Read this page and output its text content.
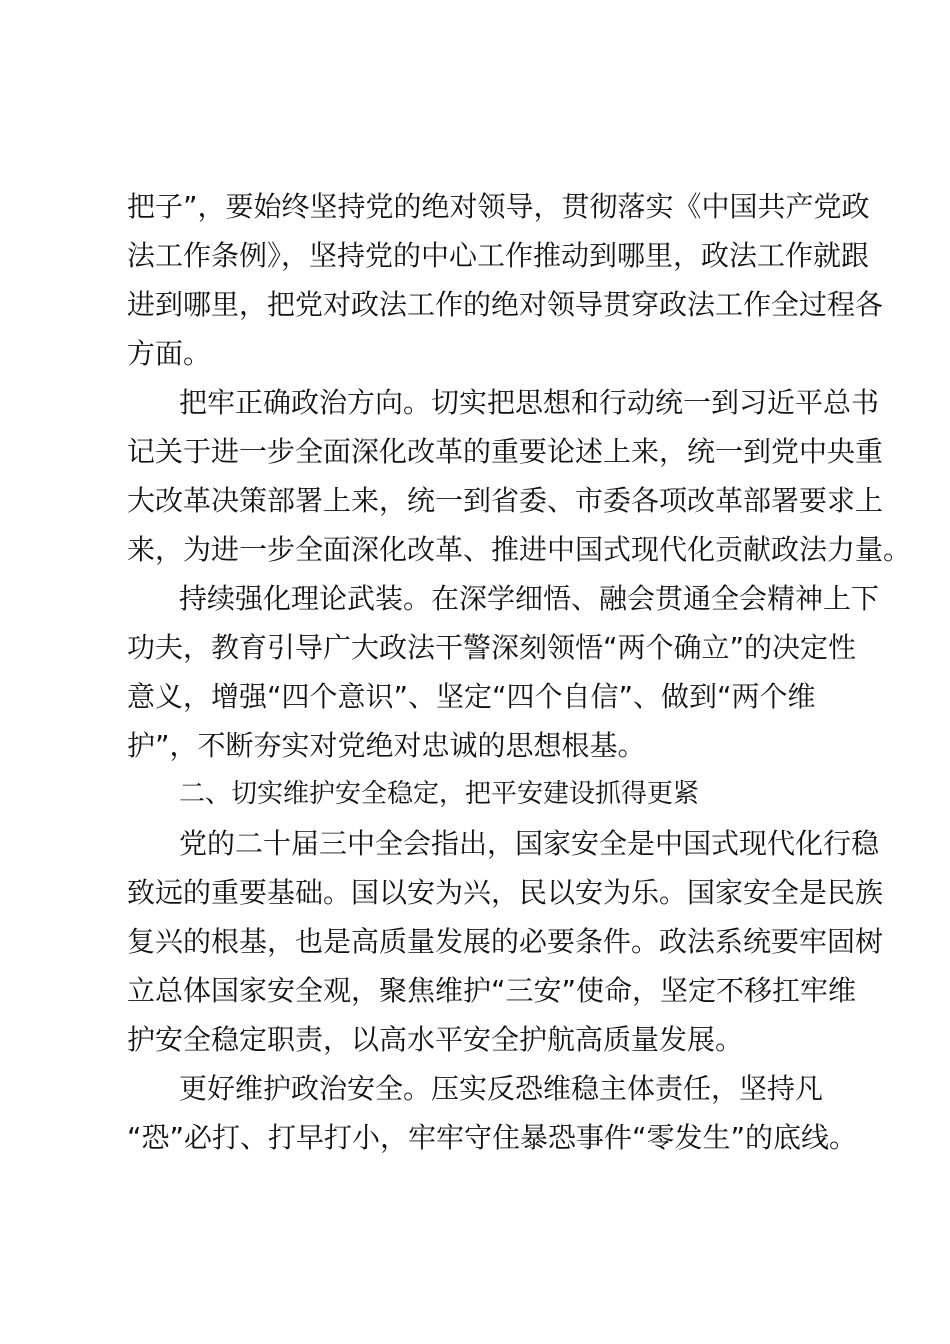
把子”，要始终坚持党的绝对领导，贯彻落实《中国共产党政
法工作条例》，坚持党的中心工作推动到哪里，政法工作就跟
进到哪里，把党对政法工作的绝对领导贯穿政法工作全过程各
方面。
把牢正确政治方向。切实把思想和行动统一到习近平总书
记关于进一步全面深化改革的重要论述上来，统一到党中央重
大改革决策部署上来，统一到省委、市委各项改革部署要求上
来，为进一步全面深化改革、推进中国式现代化贡献政法力量。
持续强化理论武装。在深学细悟、融会贯通全会精神上下
功夫，教育引导广大政法干警深刻领悟“两个确立”的决定性
意义，增强“四个意识”、坚定“四个自信”、做到“两个维
护”，不断夯实对党绝对忠诚的思想根基。
二、切实维护安全稳定，把平安建设抓得更紧
党的二十届三中全会指出，国家安全是中国式现代化行稳
致远的重要基础。国以安为兴，民以安为乐。国家安全是民族
复兴的根基，也是高质量发展的必要条件。政法系统要牢固树
立总体国家安全观，聚焦维护“三安”使命，坚定不移扛牢维
护安全稳定职责，以高水平安全护航高质量发展。
更好维护政治安全。压实反恐维稳主体责任，坚持凡
“恐”必打、打早打小，牢牢守住暴恐事件“零发生”的底线。
